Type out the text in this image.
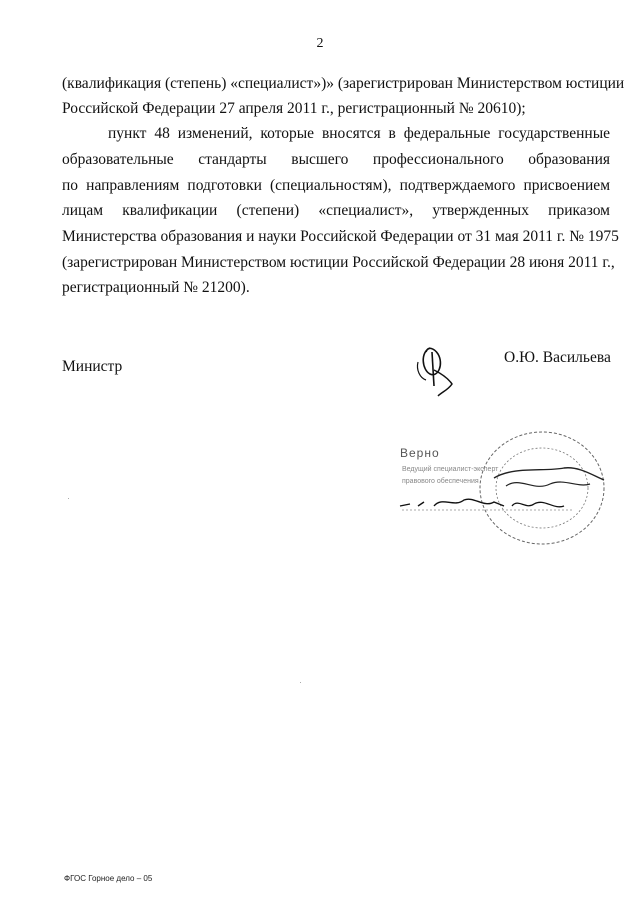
2
(квалификация (степень) «специалист»)» (зарегистрирован Министерством юстиции
Российской Федерации 27 апреля 2011 г., регистрационный № 20610);
пункт 48 изменений, которые вносятся в федеральные государственные
образовательные стандарты высшего профессионального образования
по направлениям подготовки (специальностям), подтверждаемого присвоением
лицам квалификации (степени) «специалист», утвержденных приказом
Министерства образования и науки Российской Федерации от 31 мая 2011 г. № 1975
(зарегистрирован Министерством юстиции Российской Федерации 28 июня 2011 г.,
регистрационный № 21200).
Министр
О.Ю. Васильева
Верно
Ведущий специалист-эксперт
правового обеспечения
ФГОС Горное дело – 05
